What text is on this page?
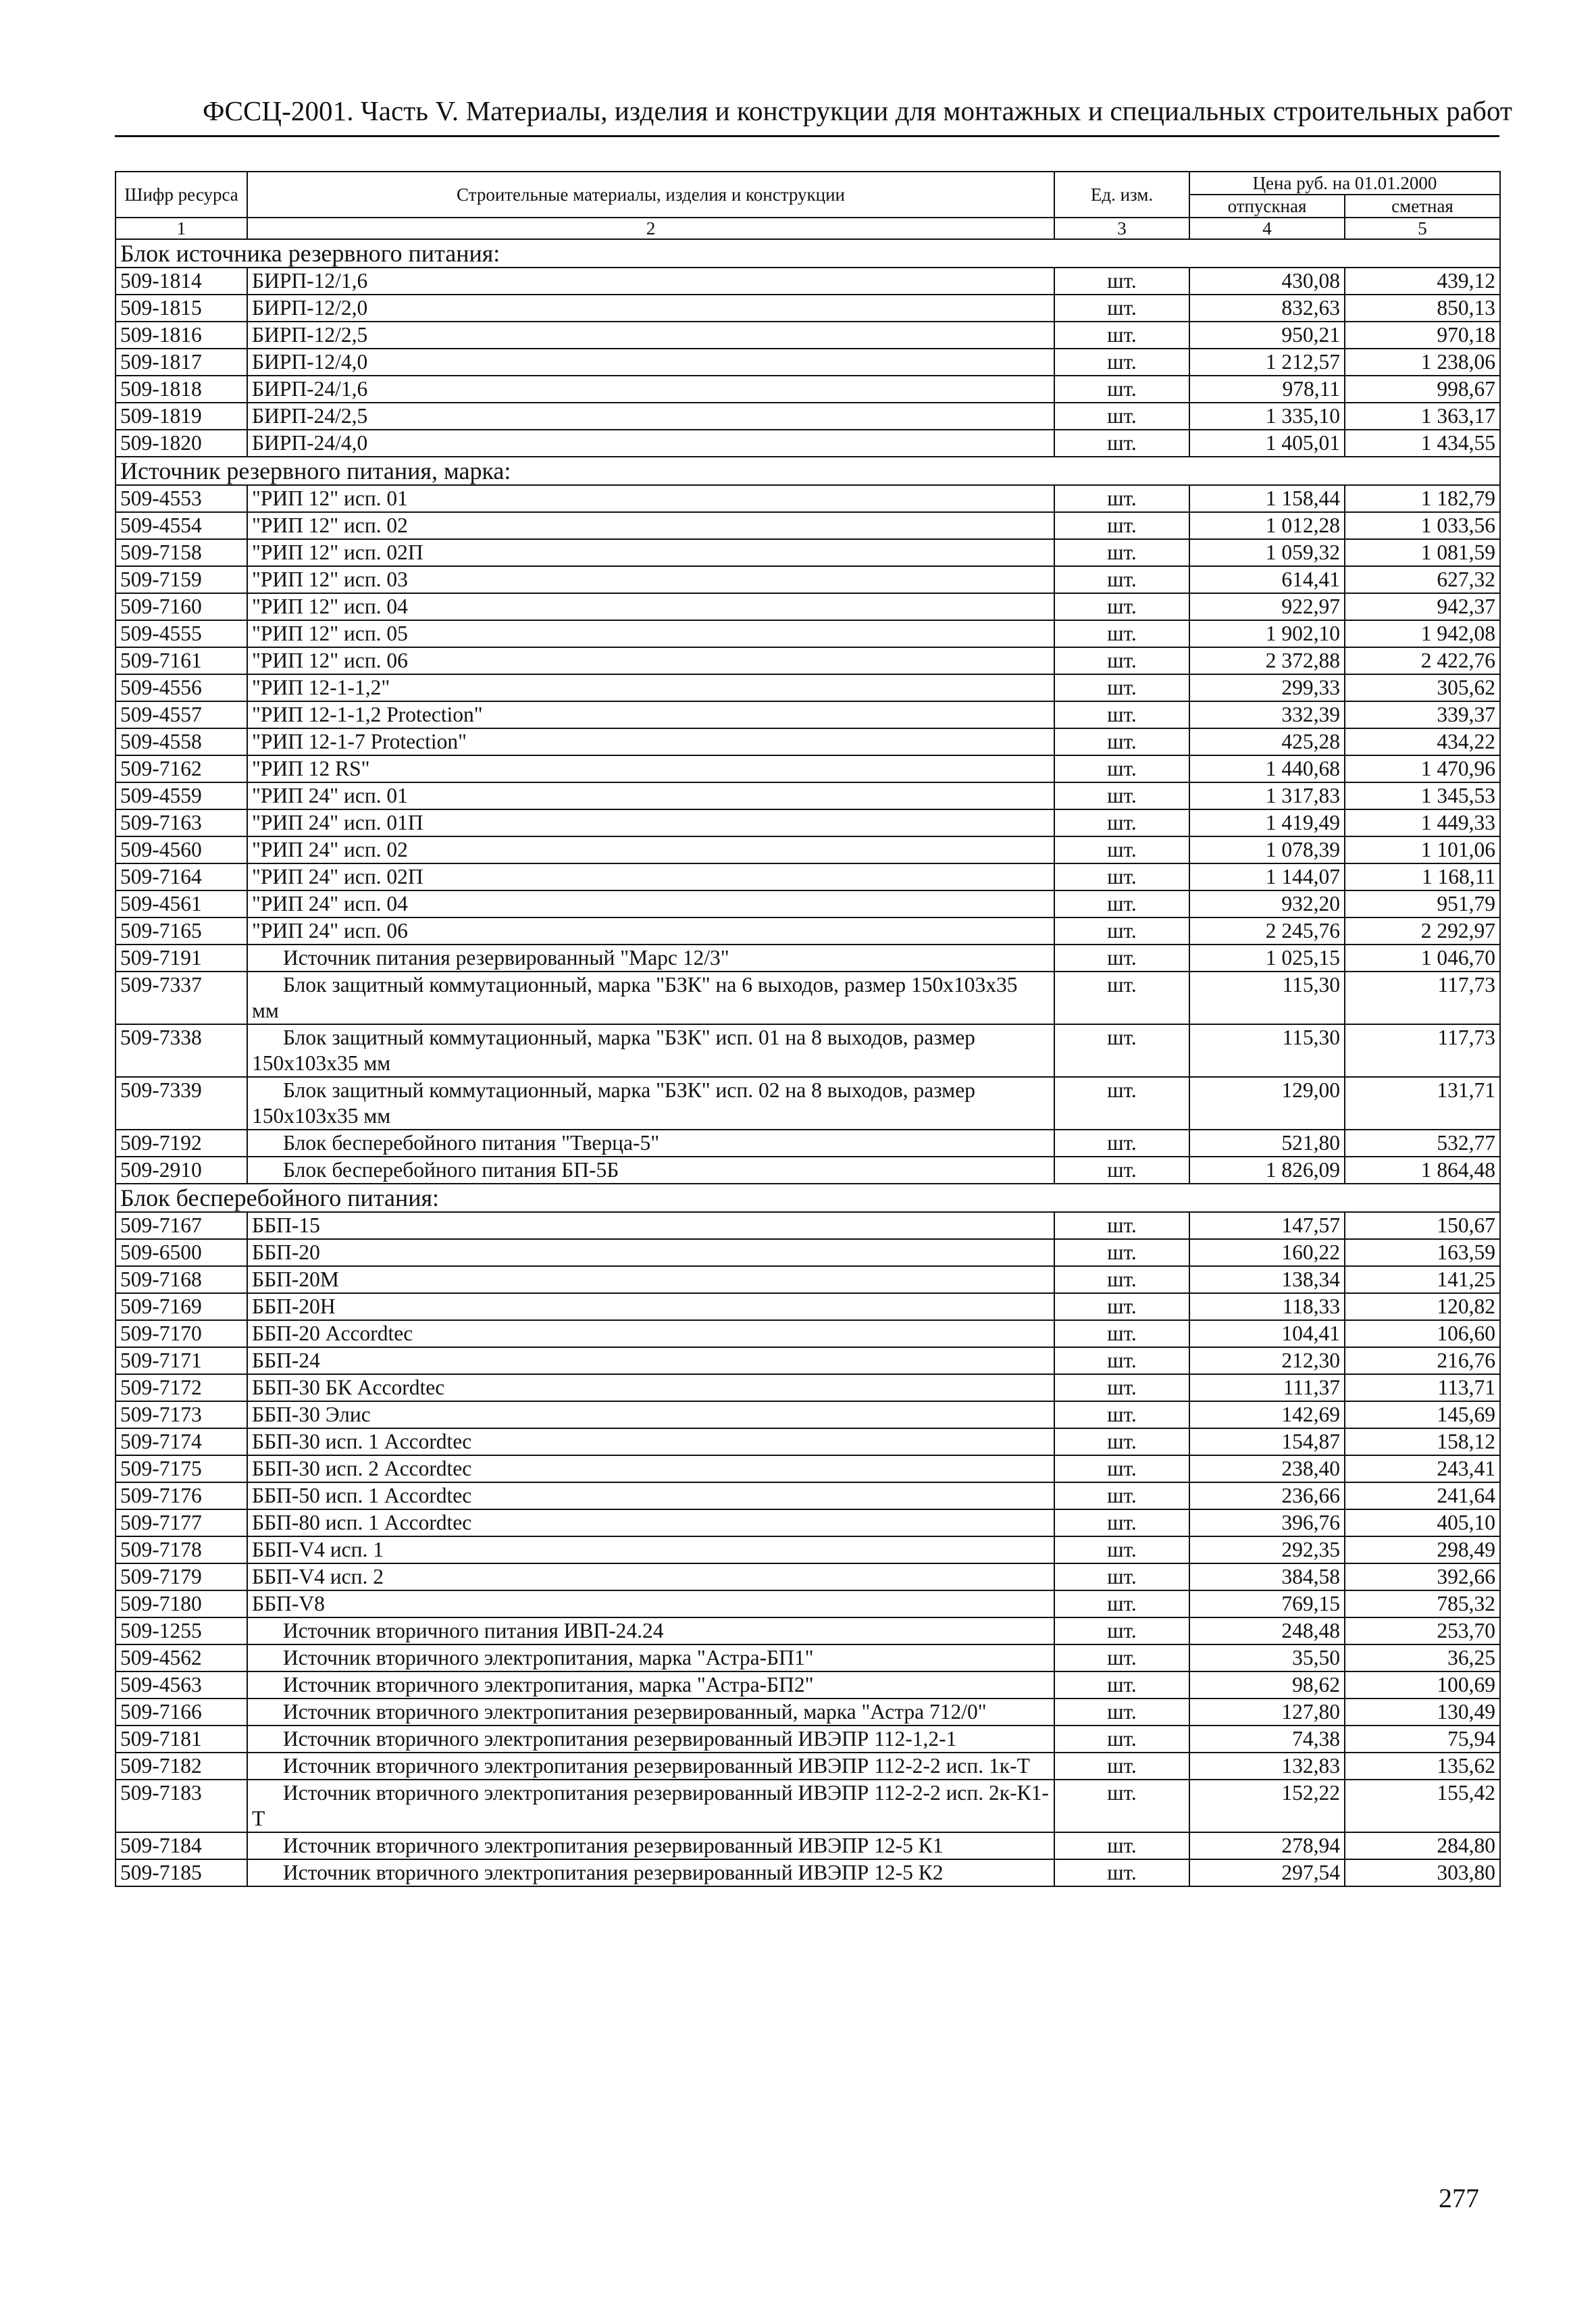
ФССЦ-2001. Часть V. Материалы, изделия и конструкции для монтажных и специальных строительных работ
Шифр ресурса	Строительные материалы, изделия и конструкции	Ед. изм.	Цена руб. на 01.01.2000	
			отпускная	сметная
1	2	3	4	5
Блок источника резервного питания:				
509-1814	БИРП-12/1,6	шт.	430,08	439,12
509-1815	БИРП-12/2,0	шт.	832,63	850,13
509-1816	БИРП-12/2,5	шт.	950,21	970,18
509-1817	БИРП-12/4,0	шт.	1 212,57	1 238,06
509-1818	БИРП-24/1,6	шт.	978,11	998,67
509-1819	БИРП-24/2,5	шт.	1 335,10	1 363,17
509-1820	БИРП-24/4,0	шт.	1 405,01	1 434,55
Источник резервного питания, марка:				
509-4553	"РИП 12" исп. 01	шт.	1 158,44	1 182,79
509-4554	"РИП 12" исп. 02	шт.	1 012,28	1 033,56
509-7158	"РИП 12" исп. 02П	шт.	1 059,32	1 081,59
509-7159	"РИП 12" исп. 03	шт.	614,41	627,32
509-7160	"РИП 12" исп. 04	шт.	922,97	942,37
509-4555	"РИП 12" исп. 05	шт.	1 902,10	1 942,08
509-7161	"РИП 12" исп. 06	шт.	2 372,88	2 422,76
509-4556	"РИП 12-1-1,2"	шт.	299,33	305,62
509-4557	"РИП 12-1-1,2 Protection"	шт.	332,39	339,37
509-4558	"РИП 12-1-7 Protection"	шт.	425,28	434,22
509-7162	"РИП 12 RS"	шт.	1 440,68	1 470,96
509-4559	"РИП 24" исп. 01	шт.	1 317,83	1 345,53
509-7163	"РИП 24" исп. 01П	шт.	1 419,49	1 449,33
509-4560	"РИП 24" исп. 02	шт.	1 078,39	1 101,06
509-7164	"РИП 24" исп. 02П	шт.	1 144,07	1 168,11
509-4561	"РИП 24" исп. 04	шт.	932,20	951,79
509-7165	"РИП 24" исп. 06	шт.	2 245,76	2 292,97
509-7191	Источник питания резервированный "Марс 12/3"	шт.	1 025,15	1 046,70
509-7337	Блок защитный коммутационный, марка "БЗК" на 6 выходов, размер 150x103x35 мм	шт.	115,30	117,73
509-7338	Блок защитный коммутационный, марка "БЗК" исп. 01 на 8 выходов, размер 150x103x35 мм	шт.	115,30	117,73
509-7339	Блок защитный коммутационный, марка "БЗК" исп. 02 на 8 выходов, размер 150x103x35 мм	шт.	129,00	131,71
509-7192	Блок бесперебойного питания "Тверца-5"	шт.	521,80	532,77
509-2910	Блок бесперебойного питания БП-5Б	шт.	1 826,09	1 864,48
Блок бесперебойного питания:				
509-7167	ББП-15	шт.	147,57	150,67
509-6500	ББП-20	шт.	160,22	163,59
509-7168	ББП-20М	шт.	138,34	141,25
509-7169	ББП-20Н	шт.	118,33	120,82
509-7170	ББП-20 Accordtec	шт.	104,41	106,60
509-7171	ББП-24	шт.	212,30	216,76
509-7172	ББП-30 БК Accordtec	шт.	111,37	113,71
509-7173	ББП-30 Элис	шт.	142,69	145,69
509-7174	ББП-30 исп. 1 Accordtec	шт.	154,87	158,12
509-7175	ББП-30 исп. 2 Accordtec	шт.	238,40	243,41
509-7176	ББП-50 исп. 1 Accordtec	шт.	236,66	241,64
509-7177	ББП-80 исп. 1 Accordtec	шт.	396,76	405,10
509-7178	ББП-V4 исп. 1	шт.	292,35	298,49
509-7179	ББП-V4 исп. 2	шт.	384,58	392,66
509-7180	ББП-V8	шт.	769,15	785,32
509-1255	Источник вторичного питания ИВП-24.24	шт.	248,48	253,70
509-4562	Источник вторичного электропитания, марка "Астра-БП1"	шт.	35,50	36,25
509-4563	Источник вторичного электропитания, марка "Астра-БП2"	шт.	98,62	100,69
509-7166	Источник вторичного электропитания резервированный, марка "Астра 712/0"	шт.	127,80	130,49
509-7181	Источник вторичного электропитания резервированный ИВЭПР 112-1,2-1	шт.	74,38	75,94
509-7182	Источник вторичного электропитания резервированный ИВЭПР 112-2-2 исп. 1к-Т	шт.	132,83	135,62
509-7183	Источник вторичного электропитания резервированный ИВЭПР 112-2-2 исп. 2к-К1-Т	шт.	152,22	155,42
509-7184	Источник вторичного электропитания резервированный ИВЭПР 12-5 К1	шт.	278,94	284,80
509-7185	Источник вторичного электропитания резервированный ИВЭПР 12-5 К2	шт.	297,54	303,80
277
